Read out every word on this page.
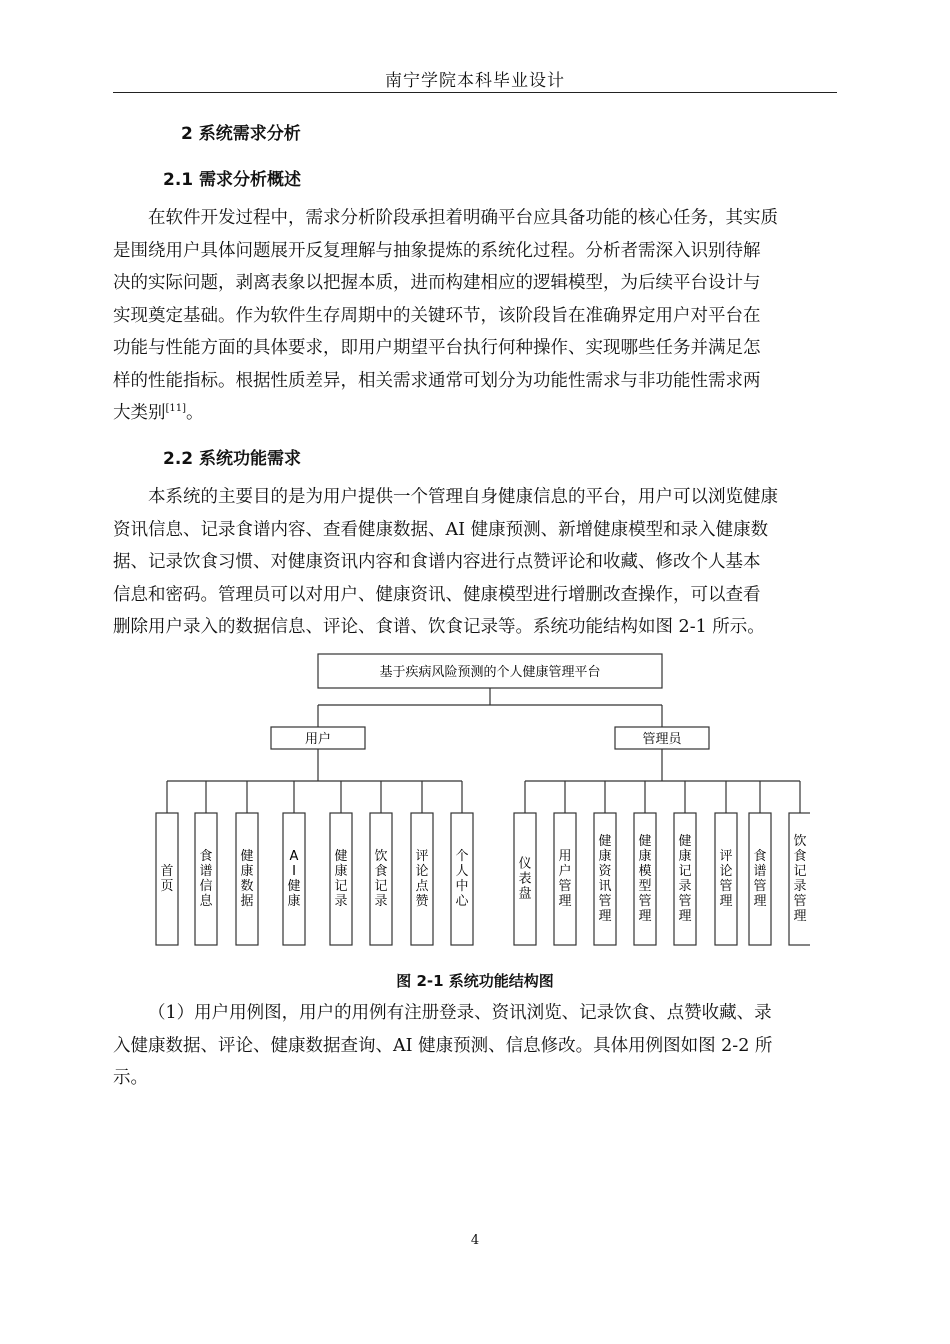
南宁学院本科毕业设计
2 系统需求分析
2.1 需求分析概述
在软件开发过程中，需求分析阶段承担着明确平台应具备功能的核心任务，其实质
是围绕用户具体问题展开反复理解与抽象提炼的系统化过程。分析者需深入识别待解
决的实际问题，剥离表象以把握本质，进而构建相应的逻辑模型，为后续平台设计与
实现奠定基础。作为软件生存周期中的关键环节，该阶段旨在准确界定用户对平台在
功能与性能方面的具体要求，即用户期望平台执行何种操作、实现哪些任务并满足怎
样的性能指标。根据性质差异，相关需求通常可划分为功能性需求与非功能性需求两
大类别[11]。
2.2 系统功能需求
本系统的主要目的是为用户提供一个管理自身健康信息的平台，用户可以浏览健康
资讯信息、记录食谱内容、查看健康数据、AI 健康预测、新增健康模型和录入健康数
据、记录饮食习惯、对健康资讯内容和食谱内容进行点赞评论和收藏、修改个人基本
信息和密码。管理员可以对用户、健康资讯、健康模型进行增删改查操作，可以查看
删除用户录入的数据信息、评论、食谱、饮食记录等。系统功能结构如图 2-1 所示。
基于疾病风险预测的个人健康管理平台
用户	管理员
首页
食谱信息
健康数据
A I 健康
健康记录
饮食记录
评论点赞
个人中心
仪表盘
用户管理
健康资讯管理
健康模型管理
健康记录管理
评论管理
食谱管理
饮食记录管理
图 2-1 系统功能结构图
（1）用户用例图，用户的用例有注册登录、资讯浏览、记录饮食、点赞收藏、录
入健康数据、评论、健康数据查询、AI 健康预测、信息修改。具体用例图如图 2-2 所
示。
4
